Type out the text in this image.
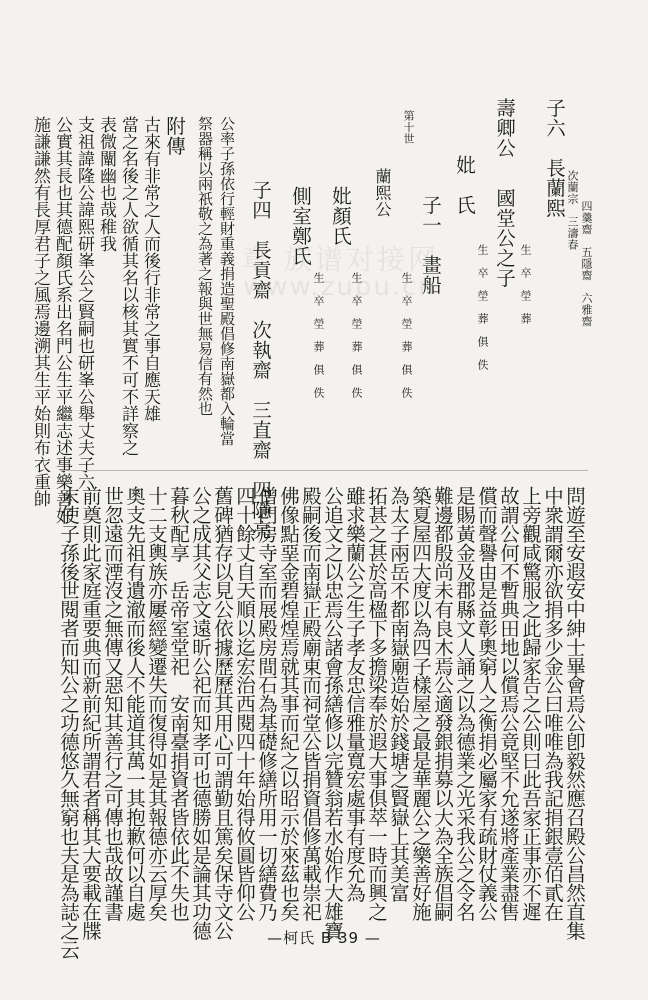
章 族谱对接网
www.zupu.cn
子六　長蘭熙 次蘭宗　三濤春 　　　四羹齋　五隱齋　六雅齋
壽卿公
國堂公之子 生　卒　塋　葬
妣　氏
生　卒　塋　葬　俱　佚
　　子一　畫船
第十世
蘭熙公
生　卒　塋　葬　俱　佚
妣顏氏
生　卒　塋　葬　俱　佚
側室鄭氏
生　卒　塋　葬　俱　佚
　　子四　長貢齋　次執齋　三直齋　四隱亮
公率子孫依行輕財重義捐造聖殿倡修南嶽都入輪當
祭器稱以兩祇敬之為著之報與世無易信有然也
附傳
古來有非常之人而後行非常之事自應天雄
當之名後之人欲循其名以核其實不可不詳察之
表微闡幽也哉稚我
支祖諱隆公諱熙研峯公之賢嗣也研峯公舉丈夫子六
公實其長也其德配顏氏系出名門公生平繼志述事樂善好
施謙謙然有長厚君子之風焉邊溯其生平始則布衣重帥
問遊至安遐安中紳士畢會焉公卽毅然應召殿公昌然直集
中衆謂爾亦欲捐多少金公曰唯唯為我記捐銀壹佰貳在
上旁觀咸驚服之此歸家告之公則曰此吾家正事亦不遲
故謂公何不暫典田地以償焉公竟堅不允遂將產業盡售
償而聲譽由是益彰奧窮人之衡捐必屬家有疏財仗義公
是賜黃金及郡縣文人誦之以為德業之光采我公之令名
難邊都殷尚未有良木焉公適發銀捐募以大為全族倡嗣
築夏屋四大度以為四子樣屋之最是華麗公之樂善好施
為太子兩岳不都南嶽廟造始於錢塘之賢嶽上其美富
拓甚之甚於高楹下多擔梁奉於遐大事俱萃一時而興之
雖求樂蘭公之生子孝友忠信雅量寬宏處事有度允為
公追文之以忠焉公諸會孫繕修以完贊翁若水始作大雄寶
殿嗣後而南嶽正殿廟東而祠堂公皆捐資倡修萬載崇祀
佛像點堊金碧煌煌焉就其事而紀之以昭示於來茲也矣
僧門房寺室而展殿房間石為基礎修繕所用一切繕費乃
四十餘丈自天順以迄宏治西閱四十年始得攸圓皆仰公
舊碑猶存以見公依據歷歷其用心可謂勤且篤矣保寺文公
公之成其父志文遠昕公祀而知孝可也德勝如是論其功德
暮秋配享　岳帝室堂祀　安南臺捐資者皆依此不失也
十二支輿族亦屢經變遷失而復得如是其報德亦云厚矣
奧支先祖有遺澈而後人不能道其萬一其抱歉何以自處
世忽遠而湮沒之無傳又惡知其善行之可傳也哉故謹書
前奠則此家庭重要典而新前紀所謂君者稱其大要載在牒
末使子孫後世閱者而知公之功德悠久無窮也夫是為誌之云	—柯氏 B 39 —
